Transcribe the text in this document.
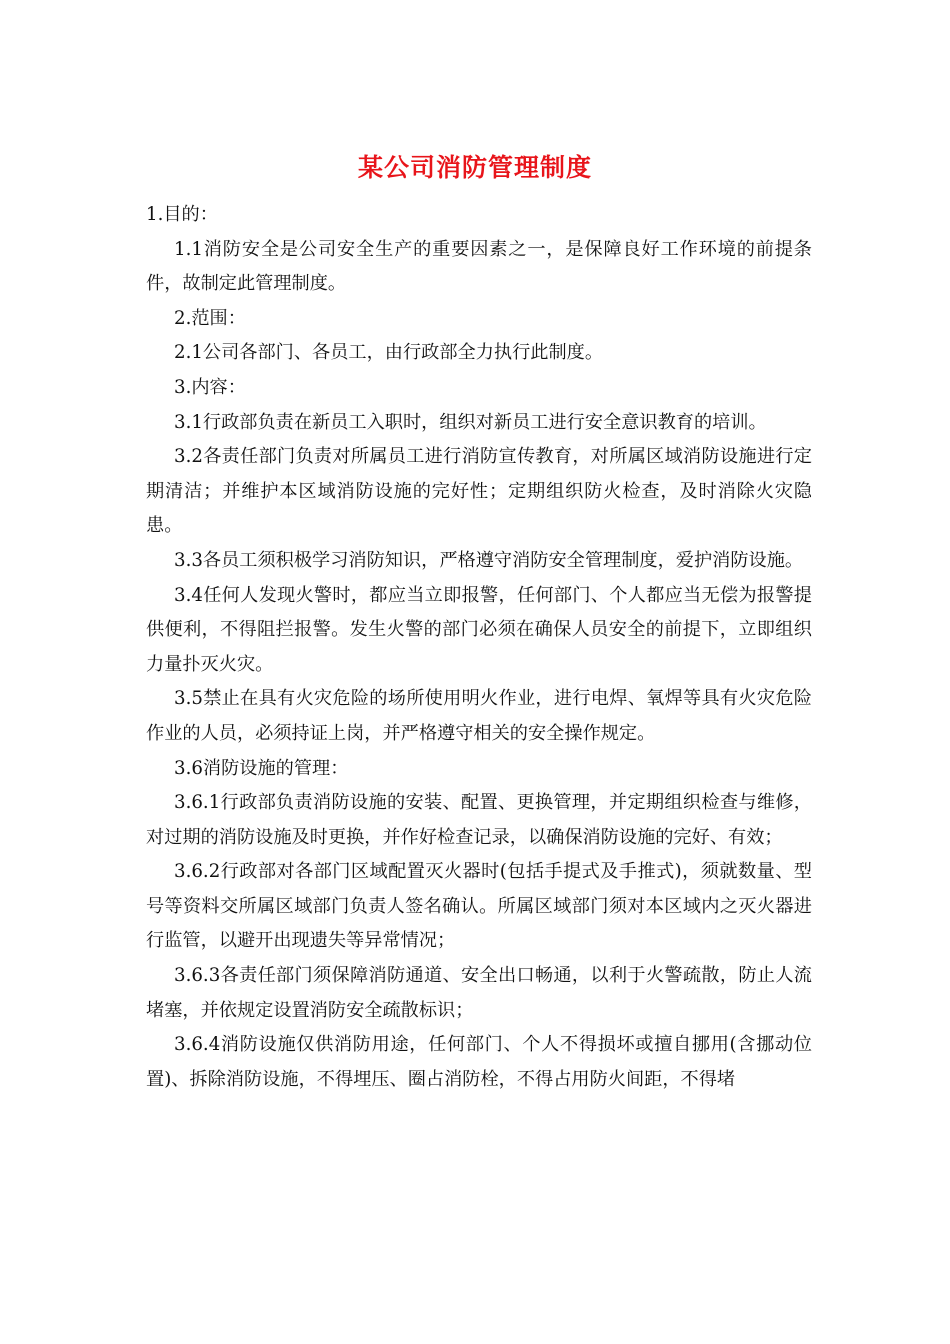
某公司消防管理制度

1.目的：

1.1消防安全是公司安全生产的重要因素之一，是保障良好工作环境的前提条件，故制定此管理制度。

2.范围：

2.1公司各部门、各员工，由行政部全力执行此制度。

3.内容：

3.1行政部负责在新员工入职时，组织对新员工进行安全意识教育的培训。

3.2各责任部门负责对所属员工进行消防宣传教育，对所属区域消防设施进行定期清洁；并维护本区域消防设施的完好性；定期组织防火检查，及时消除火灾隐患。

3.3各员工须积极学习消防知识，严格遵守消防安全管理制度，爱护消防设施。

3.4任何人发现火警时，都应当立即报警，任何部门、个人都应当无偿为报警提供便利，不得阻拦报警。发生火警的部门必须在确保人员安全的前提下，立即组织力量扑灭火灾。

3.5禁止在具有火灾危险的场所使用明火作业，进行电焊、氧焊等具有火灾危险作业的人员，必须持证上岗，并严格遵守相关的安全操作规定。

3.6消防设施的管理：

3.6.1行政部负责消防设施的安装、配置、更换管理，并定期组织检查与维修，对过期的消防设施及时更换，并作好检查记录，以确保消防设施的完好、有效；

3.6.2行政部对各部门区域配置灭火器时(包括手提式及手推式)，须就数量、型号等资料交所属区域部门负责人签名确认。所属区域部门须对本区域内之灭火器进行监管，以避开出现遗失等异常情况；

3.6.3各责任部门须保障消防通道、安全出口畅通，以利于火警疏散，防止人流堵塞，并依规定设置消防安全疏散标识；

3.6.4消防设施仅供消防用途，任何部门、个人不得损坏或擅自挪用(含挪动位置)、拆除消防设施，不得埋压、圈占消防栓，不得占用防火间距，不得堵
